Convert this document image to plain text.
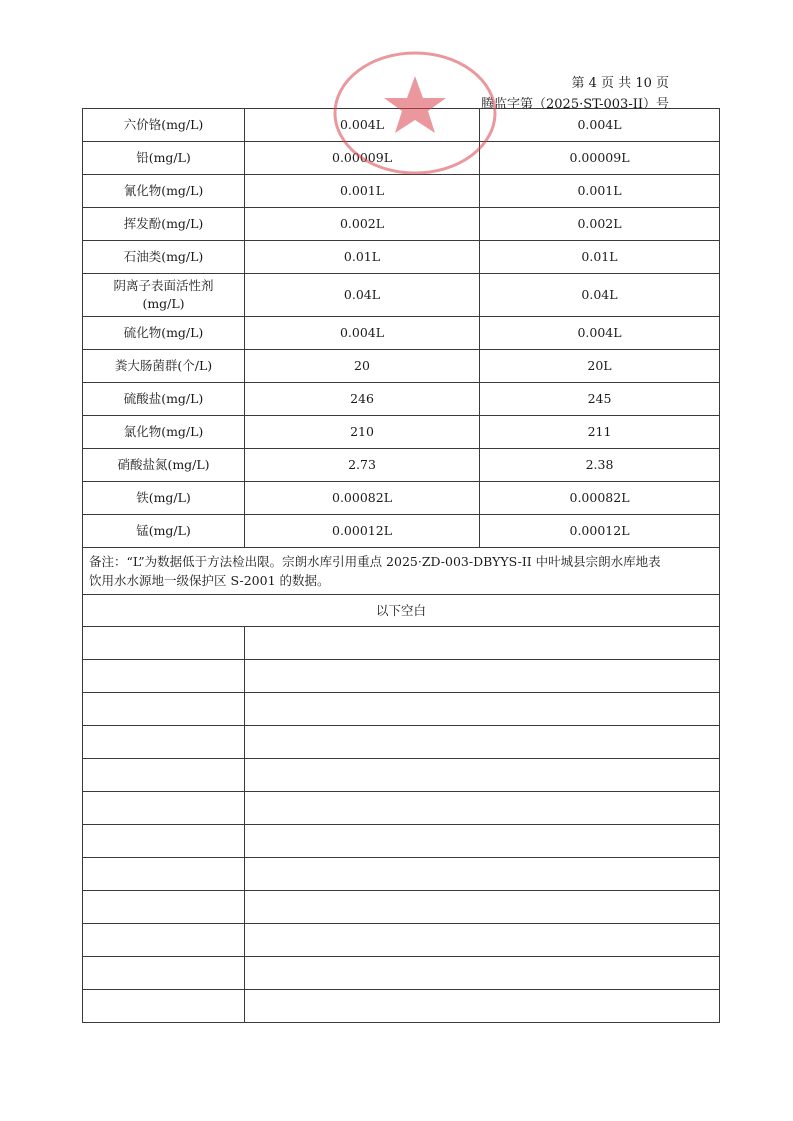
第 4 页 共 10 页
腾监字第（2025·ST-003-II）号
六价铬(mg/L)	0.004L	0.004L
铅(mg/L)	0.00009L	0.00009L
氰化物(mg/L)	0.001L	0.001L
挥发酚(mg/L)	0.002L	0.002L
石油类(mg/L)	0.01L	0.01L

阴离子表面活性剂
(mg/L)	0.04L	0.04L
硫化物(mg/L)	0.004L	0.004L
粪大肠菌群(个/L)	20	20L
硫酸盐(mg/L)	246	245
氯化物(mg/L)	210	211
硝酸盐氮(mg/L)	2.73	2.38
铁(mg/L)	0.00082L	0.00082L
锰(mg/L)	0.00012L	0.00012L

备注：“L”为数据低于方法检出限。宗朗水库引用重点 2025·ZD-003-DBYYS-II 中叶城县宗朗水库地表
饮用水水源地一级保护区 S-2001 的数据。		

以下空白		
